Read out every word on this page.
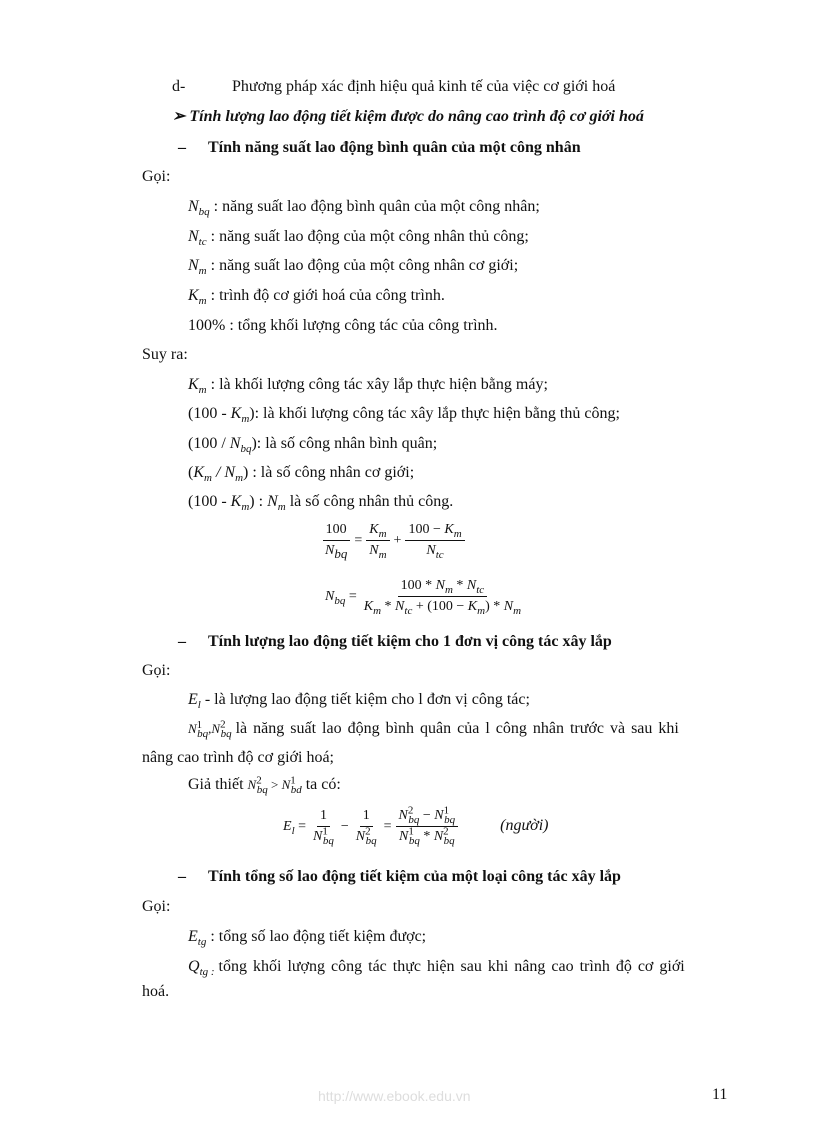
d-	Phương pháp xác định hiệu quả kinh tế của việc cơ giới hoá
➢ Tính lượng lao động tiết kiệm được do nâng cao trình độ cơ giới hoá
– Tính năng suất lao động bình quân của một công nhân
Gọi:
$N_{bq}$ : năng suất lao động bình quân của một công nhân;
$N_{tc}$ : năng suất lao động của một công nhân thủ công;
$N_m$ : năng suất lao động của một công nhân cơ giới;
$K_m$ : trình độ cơ giới hoá của công trình.
100% : tổng khối lượng công tác của công trình.
Suy ra:
$K_m$ : là khối lượng công tác xây lắp thực hiện bằng máy;
$(100 - K_m)$: là khối lượng công tác xây lắp thực hiện bằng thủ công;
$(100 / N_{bq})$: là số công nhân bình quân;
$(K_m / N_m)$ : là số công nhân cơ giới;
$(100 - K_m)$ : $N_m$ là số công nhân thủ công.
$\frac{100}{N_{bq}} = \frac{K_m}{N_m} + \frac{100 - K_m}{N_{tc}}$
$N_{bq} = \frac{100 * N_m * N_{tc}}{K_m * N_{tc} + (100 - K_m) * N_m}$
– Tính lượng lao động tiết kiệm cho 1 đơn vị công tác xây lắp
Gọi:
$E_l$ - là lượng lao động tiết kiệm cho l đơn vị công tác;
$N^1_{bq},N^2_{bq}$ là năng suất lao động bình quân của l công nhân trước và sau khi
nâng cao trình độ cơ giới hoá;
Giả thiết $N^2_{bq} > N^1_{bd}$ ta có:
$E_l = \frac{1}{N^1_{bq}} - \frac{1}{N^2_{bq}} = \frac{N^2_{bq} - N^1_{bq}}{N^1_{bq} * N^2_{bq}}$	(người)
– Tính tổng số lao động tiết kiệm của một loại công tác xây lắp
Gọi:
$E_{tg}$ : tổng số lao động tiết kiệm được;
$Q_{tg :}$ tổng khối lượng công tác thực hiện sau khi nâng cao trình độ cơ giới
hoá.
http://www.ebook.edu.vn	11
